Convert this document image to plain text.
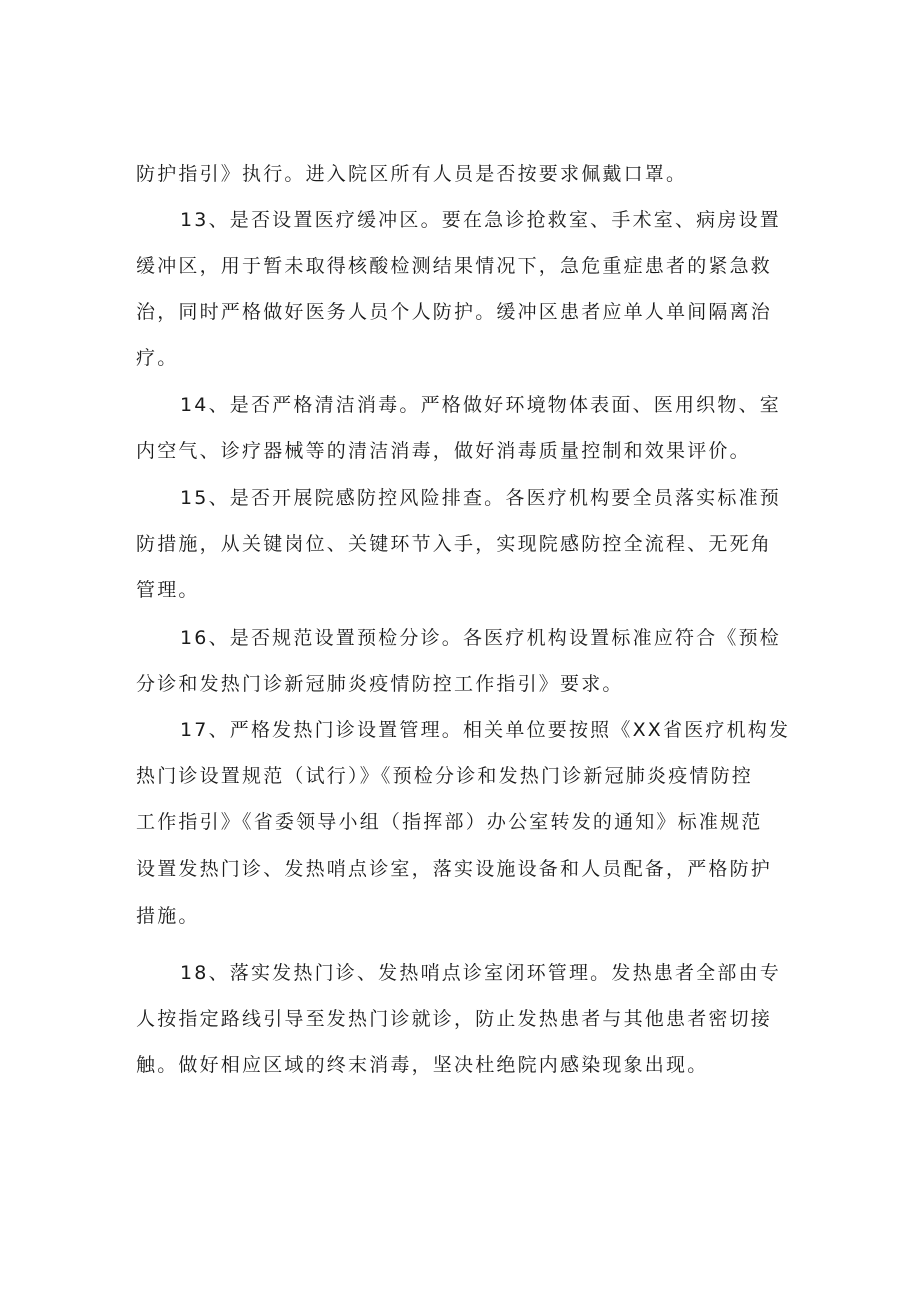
防护指引》执行。进入院区所有人员是否按要求佩戴口罩。
13、是否设置医疗缓冲区。要在急诊抢救室、手术室、病房设置
缓冲区，用于暂未取得核酸检测结果情况下，急危重症患者的紧急救
治，同时严格做好医务人员个人防护。缓冲区患者应单人单间隔离治
疗。
14、是否严格清洁消毒。严格做好环境物体表面、医用织物、室
内空气、诊疗器械等的清洁消毒，做好消毒质量控制和效果评价。
15、是否开展院感防控风险排查。各医疗机构要全员落实标准预
防措施，从关键岗位、关键环节入手，实现院感防控全流程、无死角
管理。
16、是否规范设置预检分诊。各医疗机构设置标准应符合《预检
分诊和发热门诊新冠肺炎疫情防控工作指引》要求。
17、严格发热门诊设置管理。相关单位要按照《XX省医疗机构发
热门诊设置规范（试行）》《预检分诊和发热门诊新冠肺炎疫情防控
工作指引》《省委领导小组（指挥部）办公室转发的通知》标准规范
设置发热门诊、发热哨点诊室，落实设施设备和人员配备，严格防护
措施。
18、落实发热门诊、发热哨点诊室闭环管理。发热患者全部由专
人按指定路线引导至发热门诊就诊，防止发热患者与其他患者密切接
触。做好相应区域的终末消毒，坚决杜绝院内感染现象出现。
